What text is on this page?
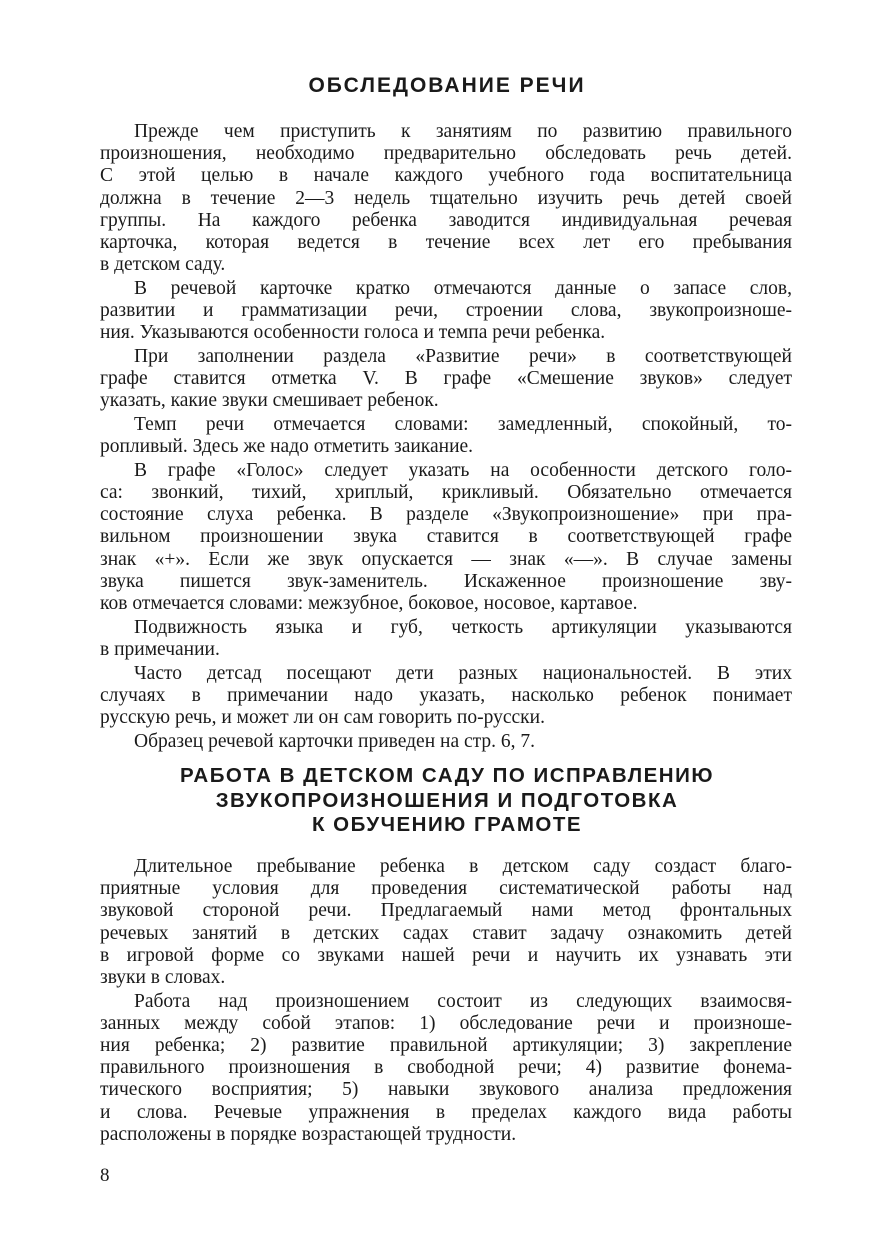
ОБСЛЕДОВАНИЕ РЕЧИ
Прежде чем приступить к занятиям по развитию правильного
произношения, необходимо предварительно обследовать речь детей.
С этой целью в начале каждого учебного года воспитательница
должна в течение 2—3 недель тщательно изучить речь детей своей
группы. На каждого ребенка заводится индивидуальная речевая
карточка, которая ведется в течение всех лет его пребывания
в детском саду.
В речевой карточке кратко отмечаются данные о запасе слов,
развитии и грамматизации речи, строении слова, звукопроизноше-
ния. Указываются особенности голоса и темпа речи ребенка.
При заполнении раздела «Развитие речи» в соответствующей
графе ставится отметка V. В графе «Смешение звуков» следует
указать, какие звуки смешивает ребенок.
Темп речи отмечается словами: замедленный, спокойный, то-
ропливый. Здесь же надо отметить заикание.
В графе «Голос» следует указать на особенности детского голо-
са: звонкий, тихий, хриплый, крикливый. Обязательно отмечается
состояние слуха ребенка. В разделе «Звукопроизношение» при пра-
вильном произношении звука ставится в соответствующей графе
знак «+». Если же звук опускается — знак «—». В случае замены
звука пишется звук-заменитель. Искаженное произношение зву-
ков отмечается словами: межзубное, боковое, носовое, картавое.
Подвижность языка и губ, четкость артикуляции указываются
в примечании.
Часто детсад посещают дети разных национальностей. В этих
случаях в примечании надо указать, насколько ребенок понимает
русскую речь, и может ли он сам говорить по-русски.
Образец речевой карточки приведен на стр. 6, 7.
РАБОТА В ДЕТСКОМ САДУ ПО ИСПРАВЛЕНИЮ
ЗВУКОПРОИЗНОШЕНИЯ И ПОДГОТОВКА
К ОБУЧЕНИЮ ГРАМОТЕ
Длительное пребывание ребенка в детском саду создаст благо-
приятные условия для проведения систематической работы над
звуковой стороной речи. Предлагаемый нами метод фронтальных
речевых занятий в детских садах ставит задачу ознакомить детей
в игровой форме со звуками нашей речи и научить их узнавать эти
звуки в словах.
Работа над произношением состоит из следующих взаимосвя-
занных между собой этапов: 1) обследование речи и произноше-
ния ребенка; 2) развитие правильной артикуляции; 3) закрепление
правильного произношения в свободной речи; 4) развитие фонема-
тического восприятия; 5) навыки звукового анализа предложения
и слова. Речевые упражнения в пределах каждого вида работы
расположены в порядке возрастающей трудности.
8
